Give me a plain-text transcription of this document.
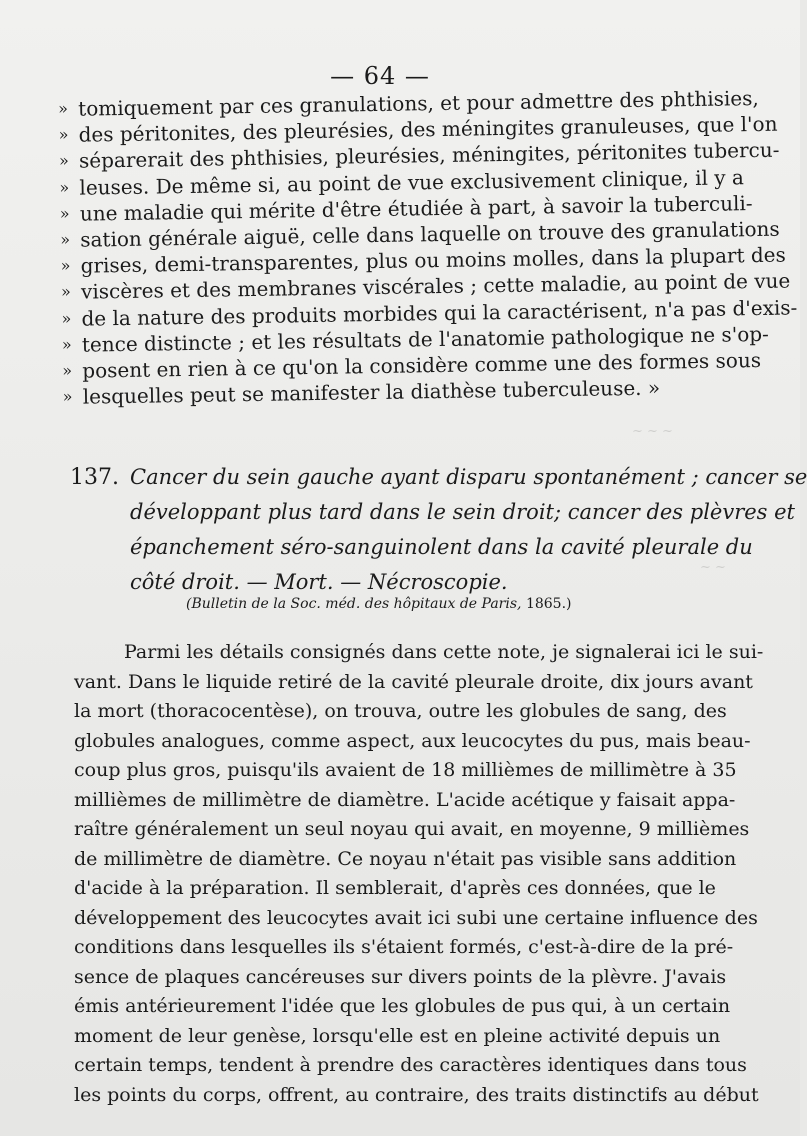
~ ~ ~
~ ~
— 64 —
» tomiquement par ces granulations, et pour admettre des phthisies,
» des péritonites, des pleurésies, des méningites granuleuses, que l'on
» séparerait des phthisies, pleurésies, méningites, péritonites tubercu-
» leuses. De même si, au point de vue exclusivement clinique, il y a
» une maladie qui mérite d'être étudiée à part, à savoir la tuberculi-
» sation générale aiguë, celle dans laquelle on trouve des granulations
» grises, demi-transparentes, plus ou moins molles, dans la plupart des
» viscères et des membranes viscérales ; cette maladie, au point de vue
» de la nature des produits morbides qui la caractérisent, n'a pas d'exis-
» tence distincte ; et les résultats de l'anatomie pathologique ne s'op-
» posent en rien à ce qu'on la considère comme une des formes sous
» lesquelles peut se manifester la diathèse tuberculeuse. »
137. Cancer du sein gauche ayant disparu spontanément ; cancer se
développant plus tard dans le sein droit; cancer des plèvres et
épanchement séro-sanguinolent dans la cavité pleurale du
côté droit. — Mort. — Nécroscopie.
(Bulletin de la Soc. méd. des hôpitaux de Paris, 1865.)
Parmi les détails consignés dans cette note, je signalerai ici le sui-
vant. Dans le liquide retiré de la cavité pleurale droite, dix jours avant
la mort (thoracocentèse), on trouva, outre les globules de sang, des
globules analogues, comme aspect, aux leucocytes du pus, mais beau-
coup plus gros, puisqu'ils avaient de 18 millièmes de millimètre à 35
millièmes de millimètre de diamètre. L'acide acétique y faisait appa-
raître généralement un seul noyau qui avait, en moyenne, 9 millièmes
de millimètre de diamètre. Ce noyau n'était pas visible sans addition
d'acide à la préparation. Il semblerait, d'après ces données, que le
développement des leucocytes avait ici subi une certaine influence des
conditions dans lesquelles ils s'étaient formés, c'est-à-dire de la pré-
sence de plaques cancéreuses sur divers points de la plèvre. J'avais
émis antérieurement l'idée que les globules de pus qui, à un certain
moment de leur genèse, lorsqu'elle est en pleine activité depuis un
certain temps, tendent à prendre des caractères identiques dans tous
les points du corps, offrent, au contraire, des traits distinctifs au début
